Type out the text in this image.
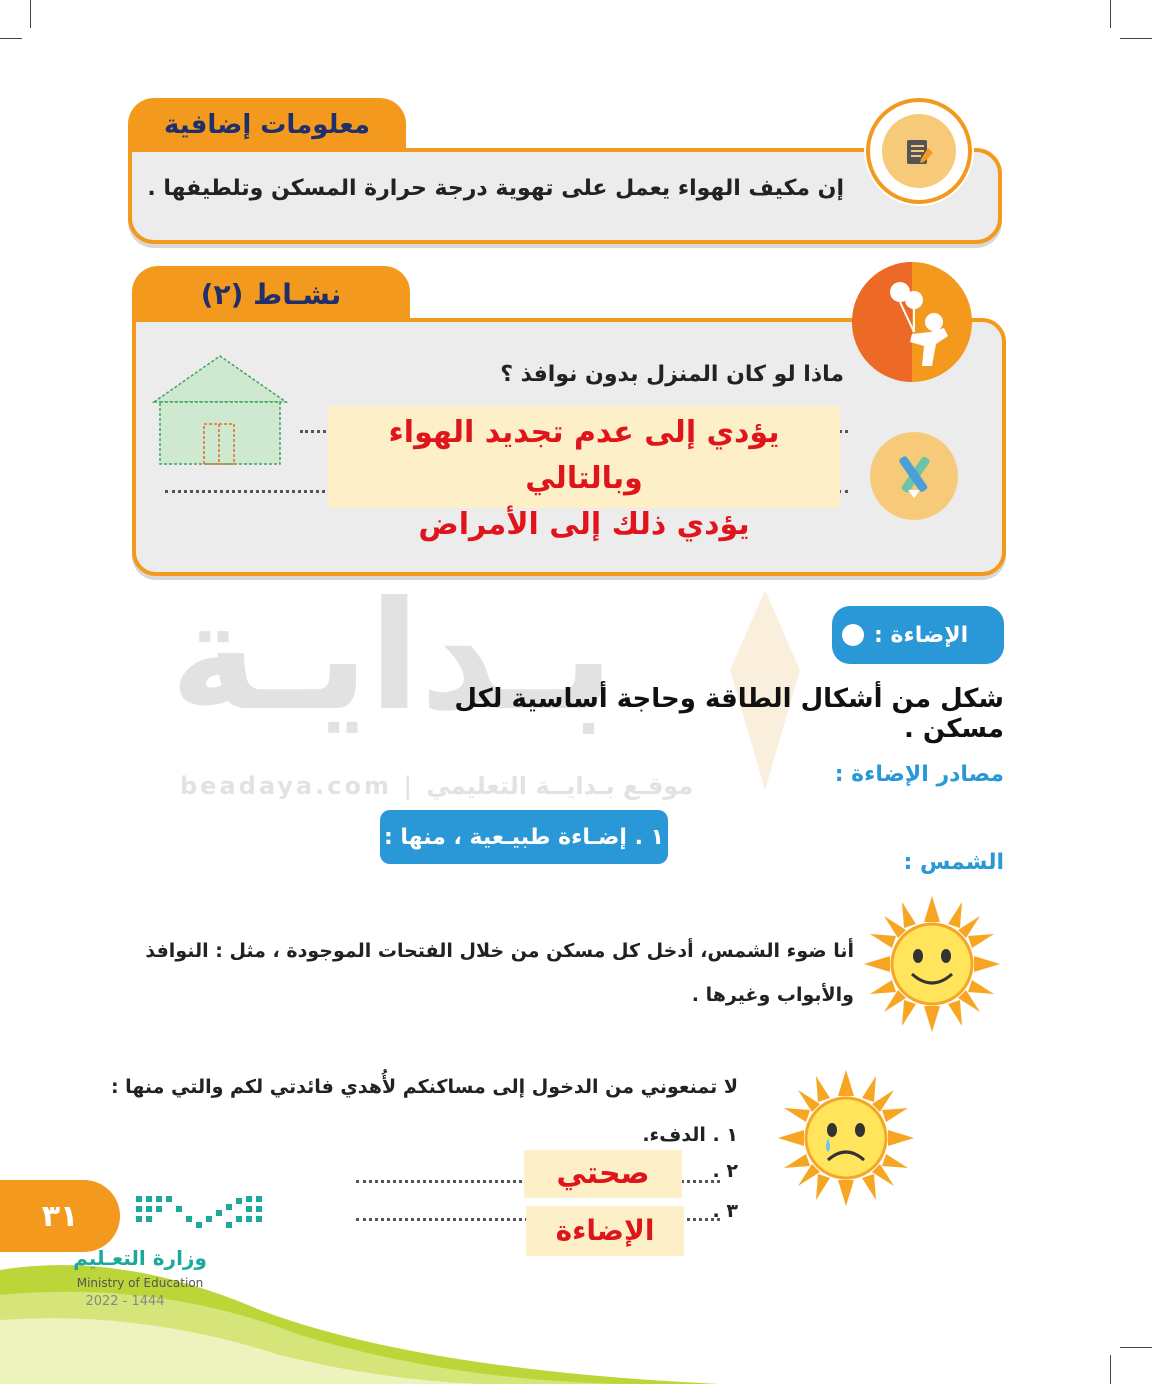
معلومات إضافية
إن مكيف الهواء يعمل على تهوية درجة حرارة المسكن وتلطيفها .
نشـاط (٢)
ماذا لو كان المنزل بدون نوافذ ؟
يؤدي إلى عدم تجديد الهواء وبالتالي
يؤدي ذلك إلى الأمراض
بـدايـة
beadaya.com | موقـع بـدايــة التعليمي
الإضاءة :
شكل من أشكال الطاقة وحاجة أساسية لكل مسكن .
مصادر الإضاءة :
١ . إضـاءة طبيـعية ، منها :
الشمس :
أنا ضوء الشمس، أدخل كل مسكن من خلال الفتحات الموجودة ، مثل : النوافذ
والأبواب وغيرها .
لا تمنعوني من الدخول إلى مساكنكم لأُهدي فائدتي لكم والتي منها :
١ . الدفء.
٢ .
صحتي
٣ .
الإضاءة
٣١
وزارة التعـليم
Ministry of Education
2022 - 1444
